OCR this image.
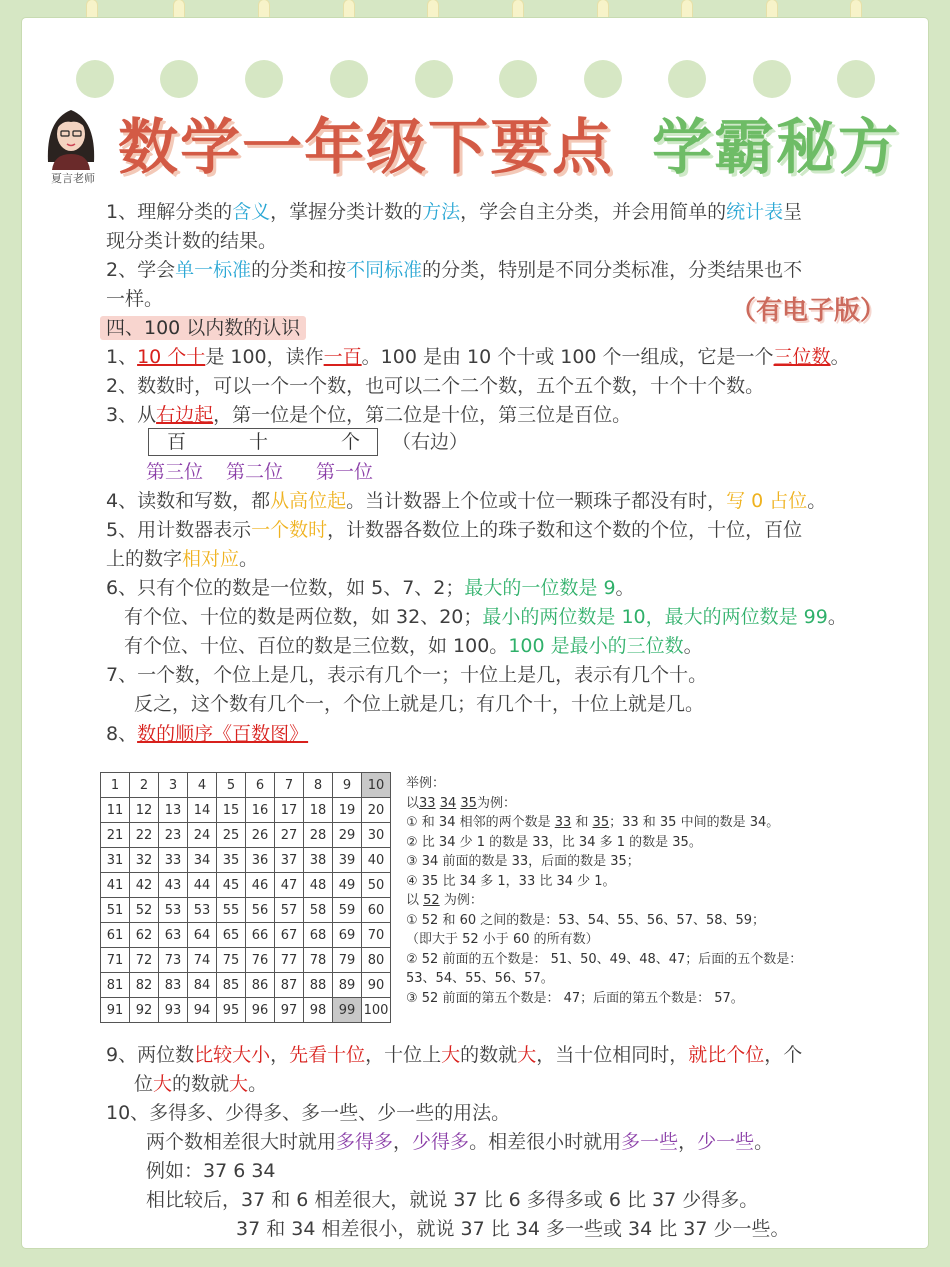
夏言老师 数学一年级下要点 学霸秘方
（有电子版）
1、理解分类的含义，掌握分类计数的方法，学会自主分类，并会用简单的统计表呈
现分类计数的结果。
2、学会单一标准的分类和按不同标准的分类，特别是不同分类标准，分类结果也不
一样。
四、100 以内数的认识
1、10 个十是 100，读作一百。100 是由 10 个十或 100 个一组成，它是一个三位数。
2、数数时，可以一个一个数，也可以二个二个数，五个五个数，十个十个数。
3、从右边起，第一位是个位，第二位是十位，第三位是百位。
百	十	个 （右边）
第三位 第二位 第一位
4、读数和写数，都从高位起。当计数器上个位或十位一颗珠子都没有时，写 0 占位。
5、用计数器表示一个数时，计数器各数位上的珠子数和这个数的个位，十位，百位
上的数字相对应。
6、只有个位的数是一位数，如 5、7、2；最大的一位数是 9。
有个位、十位的数是两位数，如 32、20；最小的两位数是 10，最大的两位数是 99。
有个位、十位、百位的数是三位数，如 100。100 是最小的三位数。
7、一个数，个位上是几，表示有几个一；十位上是几，表示有几个十。
反之，这个数有几个一，个位上就是几；有几个十，十位上就是几。
8、数的顺序《百数图》
1	2	3	4	5	6	7	8	9	10
11	12	13	14	15	16	17	18	19	20
21	22	23	24	25	26	27	28	29	30
31	32	33	34	35	36	37	38	39	40
41	42	43	44	45	46	47	48	49	50
51	52	53	53	55	56	57	58	59	60
61	62	63	64	65	66	67	68	69	70
71	72	73	74	75	76	77	78	79	80
81	82	83	84	85	86	87	88	89	90
91	92	93	94	95	96	97	98	99	100
举例：
以33 34 35为例：
① 和 34 相邻的两个数是 33 和 35；33 和 35 中间的数是 34。
② 比 34 少 1 的数是 33，比 34 多 1 的数是 35。
③ 34 前面的数是 33，后面的数是 35；
④ 35 比 34 多 1，33 比 34 少 1。
以 52 为例：
① 52 和 60 之间的数是：53、54、55、56、57、58、59；
（即大于 52 小于 60 的所有数）
② 52 前面的五个数是： 51、50、49、48、47；后面的五个数是：
53、54、55、56、57。
③ 52 前面的第五个数是： 47；后面的第五个数是： 57。
9、两位数比较大小，先看十位，十位上大的数就大，当十位相同时，就比个位，个
位大的数就大。
10、多得多、少得多、多一些、少一些的用法。
两个数相差很大时就用多得多，少得多。相差很小时就用多一些，少一些。
例如：37 6 34
相比较后，37 和 6 相差很大，就说 37 比 6 多得多或 6 比 37 少得多。
37 和 34 相差很小，就说 37 比 34 多一些或 34 比 37 少一些。
